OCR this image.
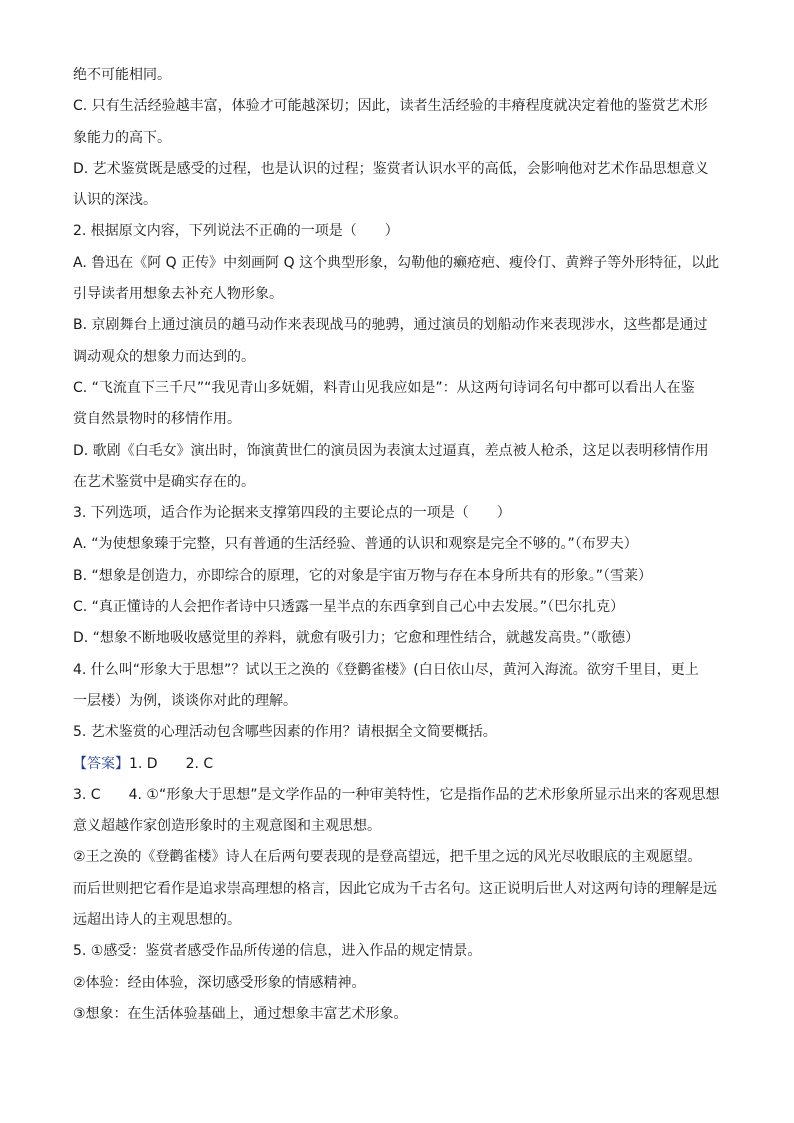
绝不可能相同。
C. 只有生活经验越丰富，体验才可能越深切；因此，读者生活经验的丰瘠程度就决定着他的鉴赏艺术形
象能力的高下。
D. 艺术鉴赏既是感受的过程，也是认识的过程；鉴赏者认识水平的高低，会影响他对艺术作品思想意义
认识的深浅。
2. 根据原文内容，下列说法不正确的一项是（　　）
A. 鲁迅在《阿 Q 正传》中刻画阿 Q 这个典型形象，勾勒他的癞疮疤、瘦伶仃、黄辫子等外形特征，以此
引导读者用想象去补充人物形象。
B. 京剧舞台上通过演员的趟马动作来表现战马的驰骋，通过演员的划船动作来表现涉水，这些都是通过
调动观众的想象力而达到的。
C. “飞流直下三千尺”“我见青山多妩媚，料青山见我应如是”：从这两句诗词名句中都可以看出人在鉴
赏自然景物时的移情作用。
D. 歌剧《白毛女》演出时，饰演黄世仁的演员因为表演太过逼真，差点被人枪杀，这足以表明移情作用
在艺术鉴赏中是确实存在的。
3. 下列选项，适合作为论据来支撑第四段的主要论点的一项是（　　）
A. “为使想象臻于完整，只有普通的生活经验、普通的认识和观察是完全不够的。”（布罗夫）
B. “想象是创造力，亦即综合的原理，它的对象是宇宙万物与存在本身所共有的形象。”（雪莱）
C. “真正懂诗的人会把作者诗中只透露一星半点的东西拿到自己心中去发展。”（巴尔扎克）
D. “想象不断地吸收感觉里的养料，就愈有吸引力；它愈和理性结合，就越发高贵。”（歌德）
4. 什么叫“形象大于思想”？试以王之涣的《登鹳雀楼》(白日依山尽，黄河入海流。欲穷千里目，更上
一层楼）为例，谈谈你对此的理解。
5. 艺术鉴赏的心理活动包含哪些因素的作用？请根据全文简要概括。
【答案】1. D　　2. C
3. C　　4. ①“形象大于思想”是文学作品的一种审美特性，它是指作品的艺术形象所显示出来的客观思想
意义超越作家创造形象时的主观意图和主观思想。
②王之涣的《登鹳雀楼》诗人在后两句要表现的是登高望远，把千里之远的风光尽收眼底的主观愿望。
而后世则把它看作是追求崇高理想的格言，因此它成为千古名句。这正说明后世人对这两句诗的理解是远
远超出诗人的主观思想的。
5. ①感受：鉴赏者感受作品所传递的信息，进入作品的规定情景。
②体验：经由体验，深切感受形象的情感精神。
③想象：在生活体验基础上，通过想象丰富艺术形象。
